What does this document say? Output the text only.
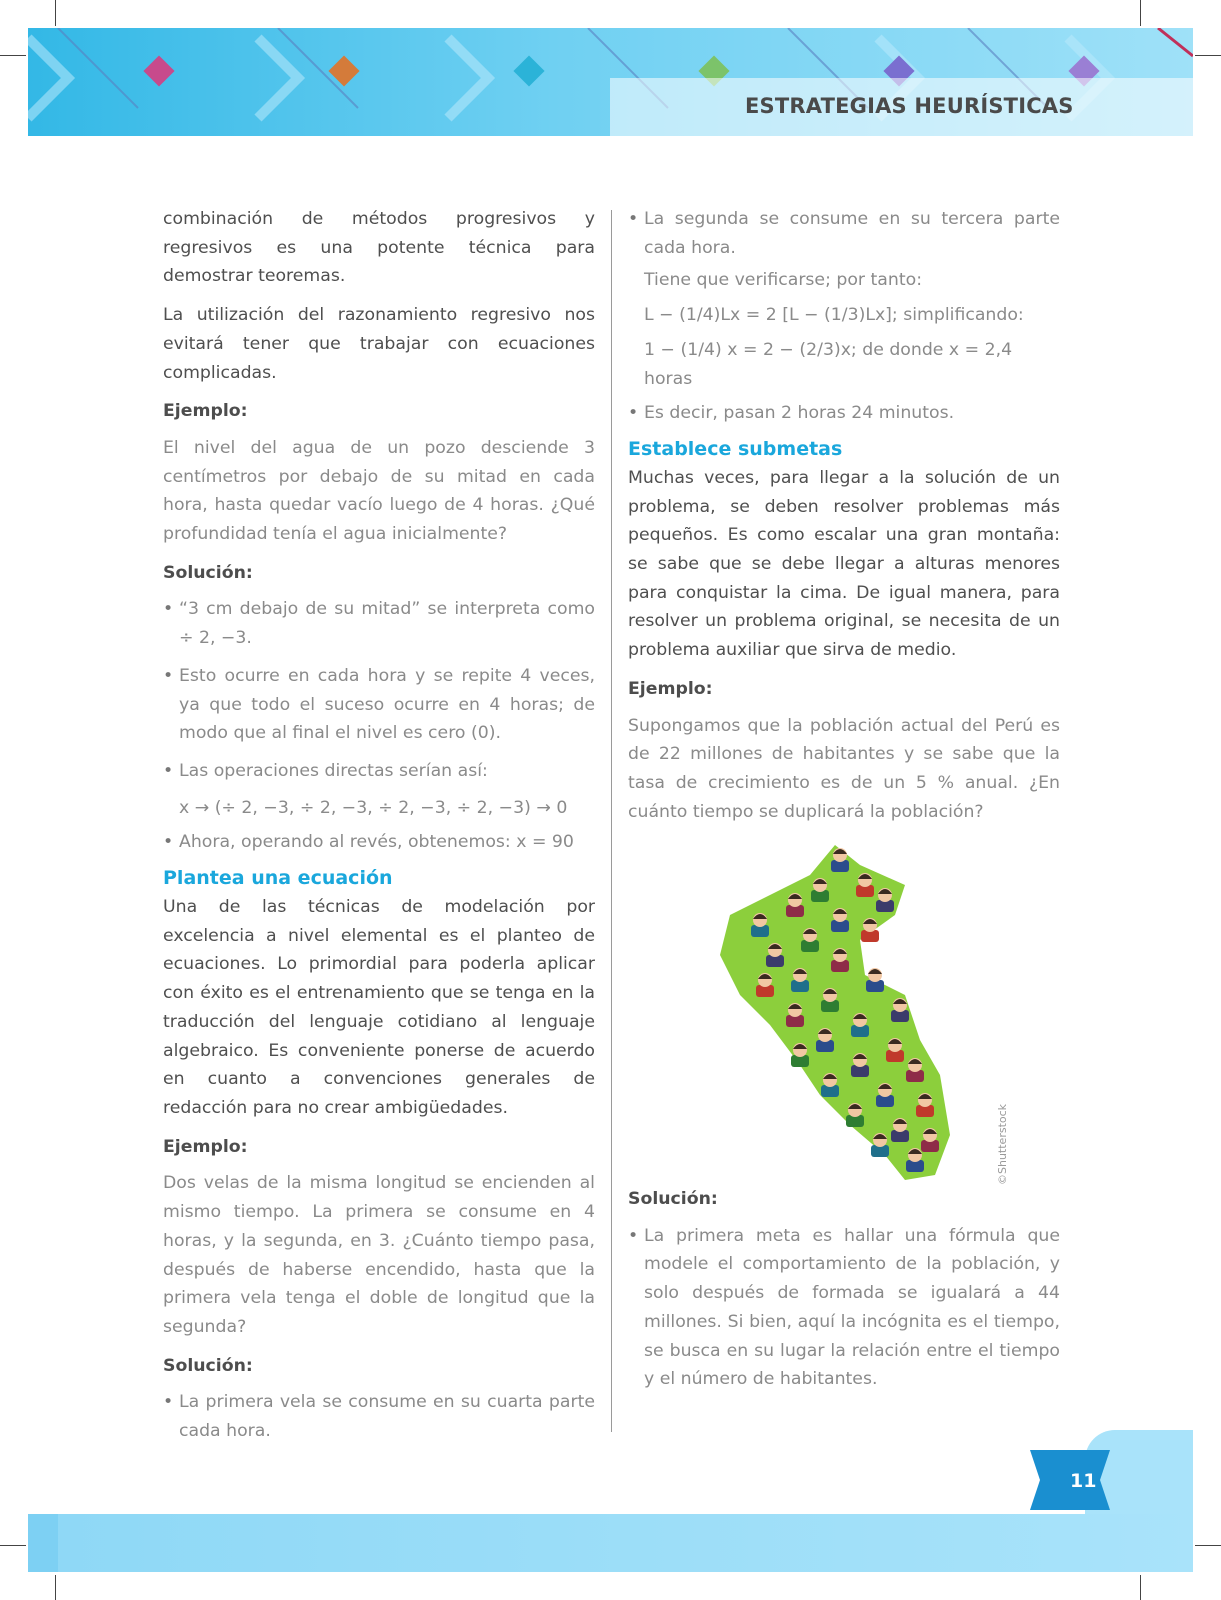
ESTRATEGIAS HEURÍSTICAS

combinación de métodos progresivos y regresivos es una potente técnica para demostrar teoremas.

La utilización del razonamiento regresivo nos evitará tener que trabajar con ecuaciones complicadas.

Ejemplo:

El nivel del agua de un pozo desciende 3 centímetros por debajo de su mitad en cada hora, hasta quedar vacío luego de 4 horas. ¿Qué profundidad tenía el agua inicialmente?

Solución:

• “3 cm debajo de su mitad” se interpreta como ÷ 2, −3.
• Esto ocurre en cada hora y se repite 4 veces, ya que todo el suceso ocurre en 4 horas; de modo que al final el nivel es cero (0).
• Las operaciones directas serían así:

x → (÷ 2, −3, ÷ 2, −3, ÷ 2, −3, ÷ 2, −3) → 0

• Ahora, operando al revés, obtenemos: x = 90
Plantea una ecuación

Una de las técnicas de modelación por excelencia a nivel elemental es el planteo de ecuaciones. Lo primordial para poderla aplicar con éxito es el entrenamiento que se tenga en la traducción del lenguaje cotidiano al lenguaje algebraico. Es conveniente ponerse de acuerdo en cuanto a convenciones generales de redacción para no crear ambigüedades.

Ejemplo:

Dos velas de la misma longitud se encienden al mismo tiempo. La primera se consume en 4 horas, y la segunda, en 3. ¿Cuánto tiempo pasa, después de haberse encendido, hasta que la primera vela tenga el doble de longitud que la segunda?

Solución:

• La primera vela se consume en su cuarta parte cada hora.
• La segunda se consume en su tercera parte cada hora.

Tiene que verificarse; por tanto:

L − (1/4)Lx = 2 [L − (1/3)Lx]; simplificando:

1 − (1/4) x = 2 − (2/3)x; de donde x = 2,4 horas

• Es decir, pasan 2 horas 24 minutos.
Establece submetas

Muchas veces, para llegar a la solución de un problema, se deben resolver problemas más pequeños. Es como escalar una gran montaña: se sabe que se debe llegar a alturas menores para conquistar la cima. De igual manera, para resolver un problema original, se necesita de un problema auxiliar que sirva de medio.

Ejemplo:

Supongamos que la población actual del Perú es de 22 millones de habitantes y se sabe que la tasa de crecimiento es de un 5 % anual. ¿En cuánto tiempo se duplicará la población?

©Shutterstock

Solución:

• La primera meta es hallar una fórmula que modele el comportamiento de la población, y solo después de formada se igualará a 44 millones. Si bien, aquí la incógnita es el tiempo, se busca en su lugar la relación entre el tiempo y el número de habitantes.
11
